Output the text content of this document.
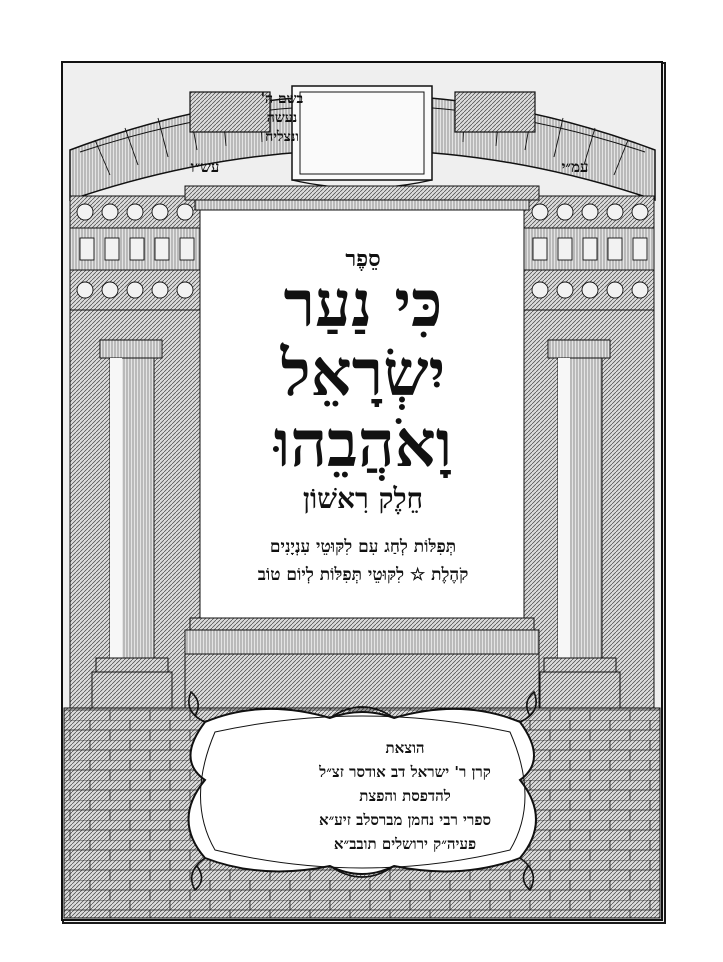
בשם ה'
נעשה
ונצליח
עש״ו	עמ״י
סֵפֶר
כִּי נַעַר
יִשְׂרָאֵל
וָאֹהֲבֵהוּ
חֵלֶק רִאשׁוֹן
תְּפִלּוֹת לְחַג עִם לִקּוּטֵי עִנְיָנִים
קֹהֶלֶת ☆ לִקּוּטֵי תְּפִלּוֹת לְיוֹם טוֹב
הוצאת
קרן ר' ישראל דב אודסר זצ״ל
להדפסת והפצת
ספרי רבי נחמן מברסלב זיע״א
פעיה״ק ירושלים תובב״א
